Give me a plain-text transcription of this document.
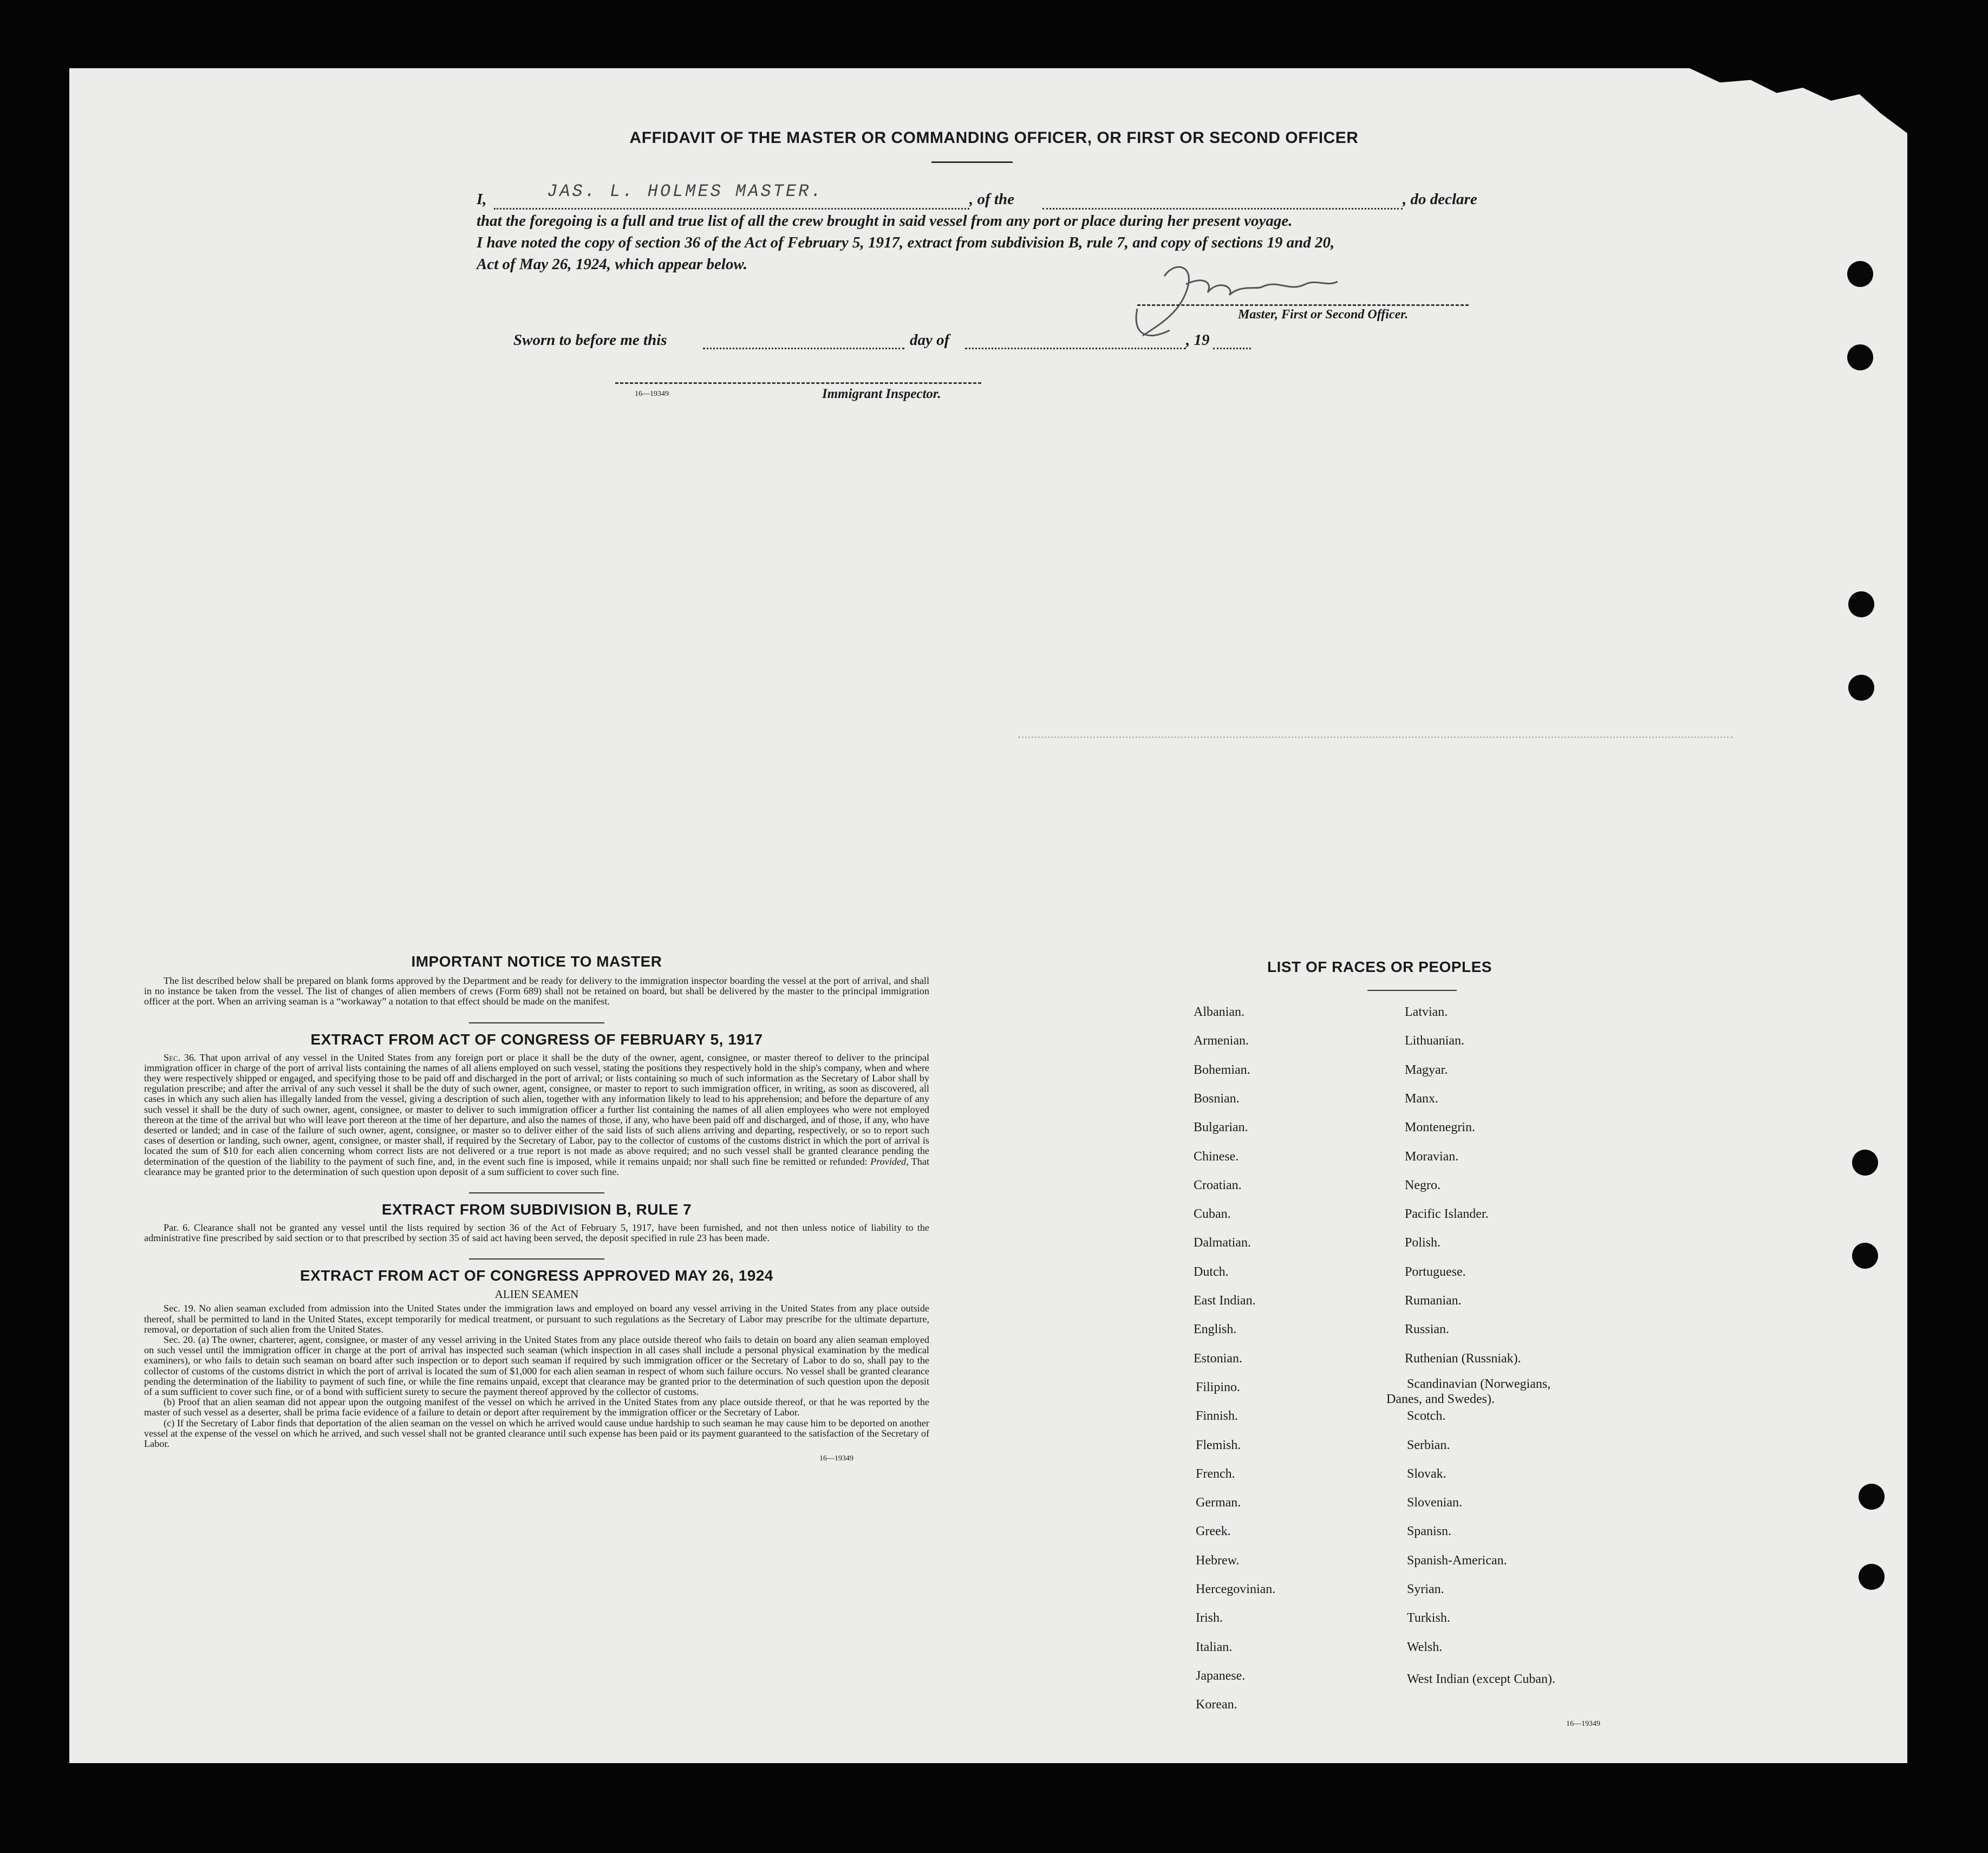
AFFIDAVIT OF THE MASTER OR COMMANDING OFFICER, OR FIRST OR SECOND OFFICER
I,	JAS. L. HOLMES MASTER.	, of the	, do declare
that the foregoing is a full and true list of all the crew brought in said vessel from any port or place during her present voyage.
I have noted the copy of section 36 of the Act of February 5, 1917, extract from subdivision B, rule 7, and copy of sections 19 and 20,
Act of May 26, 1924, which appear below.
Master, First or Second Officer.
Sworn to before me this	day of	, 19
16—19349	Immigrant Inspector.
IMPORTANT NOTICE TO MASTER

The list described below shall be prepared on blank forms approved by the Department and be ready for delivery to the immigration inspector boarding the vessel at the port of arrival, and shall in no instance be taken from the vessel. The list of changes of alien members of crews (Form 689) shall not be retained on board, but shall be delivered by the master to the principal immigration officer at the port. When an arriving seaman is a “workaway” a notation to that effect should be made on the manifest.

EXTRACT FROM ACT OF CONGRESS OF FEBRUARY 5, 1917

Sec. 36. That upon arrival of any vessel in the United States from any foreign port or place it shall be the duty of the owner, agent, consignee, or master thereof to deliver to the principal immigration officer in charge of the port of arrival lists containing the names of all aliens employed on such vessel, stating the positions they respectively hold in the ship's company, when and where they were respectively shipped or engaged, and specifying those to be paid off and discharged in the port of arrival; or lists containing so much of such information as the Secretary of Labor shall by regulation prescribe; and after the arrival of any such vessel it shall be the duty of such owner, agent, consignee, or master to report to such immigration officer, in writing, as soon as discovered, all cases in which any such alien has illegally landed from the vessel, giving a description of such alien, together with any information likely to lead to his apprehension; and before the departure of any such vessel it shall be the duty of such owner, agent, consignee, or master to deliver to such immigration officer a further list containing the names of all alien employees who were not employed thereon at the time of the arrival but who will leave port thereon at the time of her departure, and also the names of those, if any, who have been paid off and discharged, and of those, if any, who have deserted or landed; and in case of the failure of such owner, agent, consignee, or master so to deliver either of the said lists of such aliens arriving and departing, respectively, or so to report such cases of desertion or landing, such owner, agent, consignee, or master shall, if required by the Secretary of Labor, pay to the collector of customs of the customs district in which the port of arrival is located the sum of $10 for each alien concerning whom correct lists are not delivered or a true report is not made as above required; and no such vessel shall be granted clearance pending the determination of the question of the liability to the payment of such fine, and, in the event such fine is imposed, while it remains unpaid; nor shall such fine be remitted or refunded: Provided, That clearance may be granted prior to the determination of such question upon deposit of a sum sufficient to cover such fine.

EXTRACT FROM SUBDIVISION B, RULE 7

Par. 6. Clearance shall not be granted any vessel until the lists required by section 36 of the Act of February 5, 1917, have been furnished, and not then unless notice of liability to the administrative fine prescribed by said section or to that prescribed by section 35 of said act having been served, the deposit specified in rule 23 has been made.

EXTRACT FROM ACT OF CONGRESS APPROVED MAY 26, 1924
ALIEN SEAMEN

Sec. 19. No alien seaman excluded from admission into the United States under the immigration laws and employed on board any vessel arriving in the United States from any place outside thereof, shall be permitted to land in the United States, except temporarily for medical treatment, or pursuant to such regulations as the Secretary of Labor may prescribe for the ultimate departure, removal, or deportation of such alien from the United States.

Sec. 20. (a) The owner, charterer, agent, consignee, or master of any vessel arriving in the United States from any place outside thereof who fails to detain on board any alien seaman employed on such vessel until the immigration officer in charge at the port of arrival has inspected such seaman (which inspection in all cases shall include a personal physical examination by the medical examiners), or who fails to detain such seaman on board after such inspection or to deport such seaman if required by such immigration officer or the Secretary of Labor to do so, shall pay to the collector of customs of the customs district in which the port of arrival is located the sum of $1,000 for each alien seaman in respect of whom such failure occurs. No vessel shall be granted clearance pending the determination of the liability to payment of such fine, or while the fine remains unpaid, except that clearance may be granted prior to the determination of such question upon the deposit of a sum sufficient to cover such fine, or of a bond with sufficient surety to secure the payment thereof approved by the collector of customs.

(b) Proof that an alien seaman did not appear upon the outgoing manifest of the vessel on which he arrived in the United States from any place outside thereof, or that he was reported by the master of such vessel as a deserter, shall be prima facie evidence of a failure to detain or deport after requirement by the immigration officer or the Secretary of Labor.

(c) If the Secretary of Labor finds that deportation of the alien seaman on the vessel on which he arrived would cause undue hardship to such seaman he may cause him to be deported on another vessel at the expense of the vessel on which he arrived, and such vessel shall not be granted clearance until such expense has been paid or its payment guaranteed to the satisfaction of the Secretary of Labor.

16—19349
LIST OF RACES OR PEOPLES
Albanian.
Armenian.
Bohemian.
Bosnian.
Bulgarian.
Chinese.
Croatian.
Cuban.
Dalmatian.
Dutch.
East Indian.
English.
Estonian.
Filipino.
Finnish.
Flemish.
French.
German.
Greek.
Hebrew.
Hercegovinian.
Irish.
Italian.
Japanese.
Korean.
Latvian.
Lithuanian.
Magyar.
Manx.
Montenegrin.
Moravian.
Negro.
Pacific Islander.
Polish.
Portuguese.
Rumanian.
Russian.
Ruthenian (Russniak).
Scandinavian (Norwegians,
Danes, and Swedes).
Scotch.
Serbian.
Slovak.
Slovenian.
Spanisn.
Spanish-American.
Syrian.
Turkish.
Welsh.
West Indian (except Cuban).
16—19349
